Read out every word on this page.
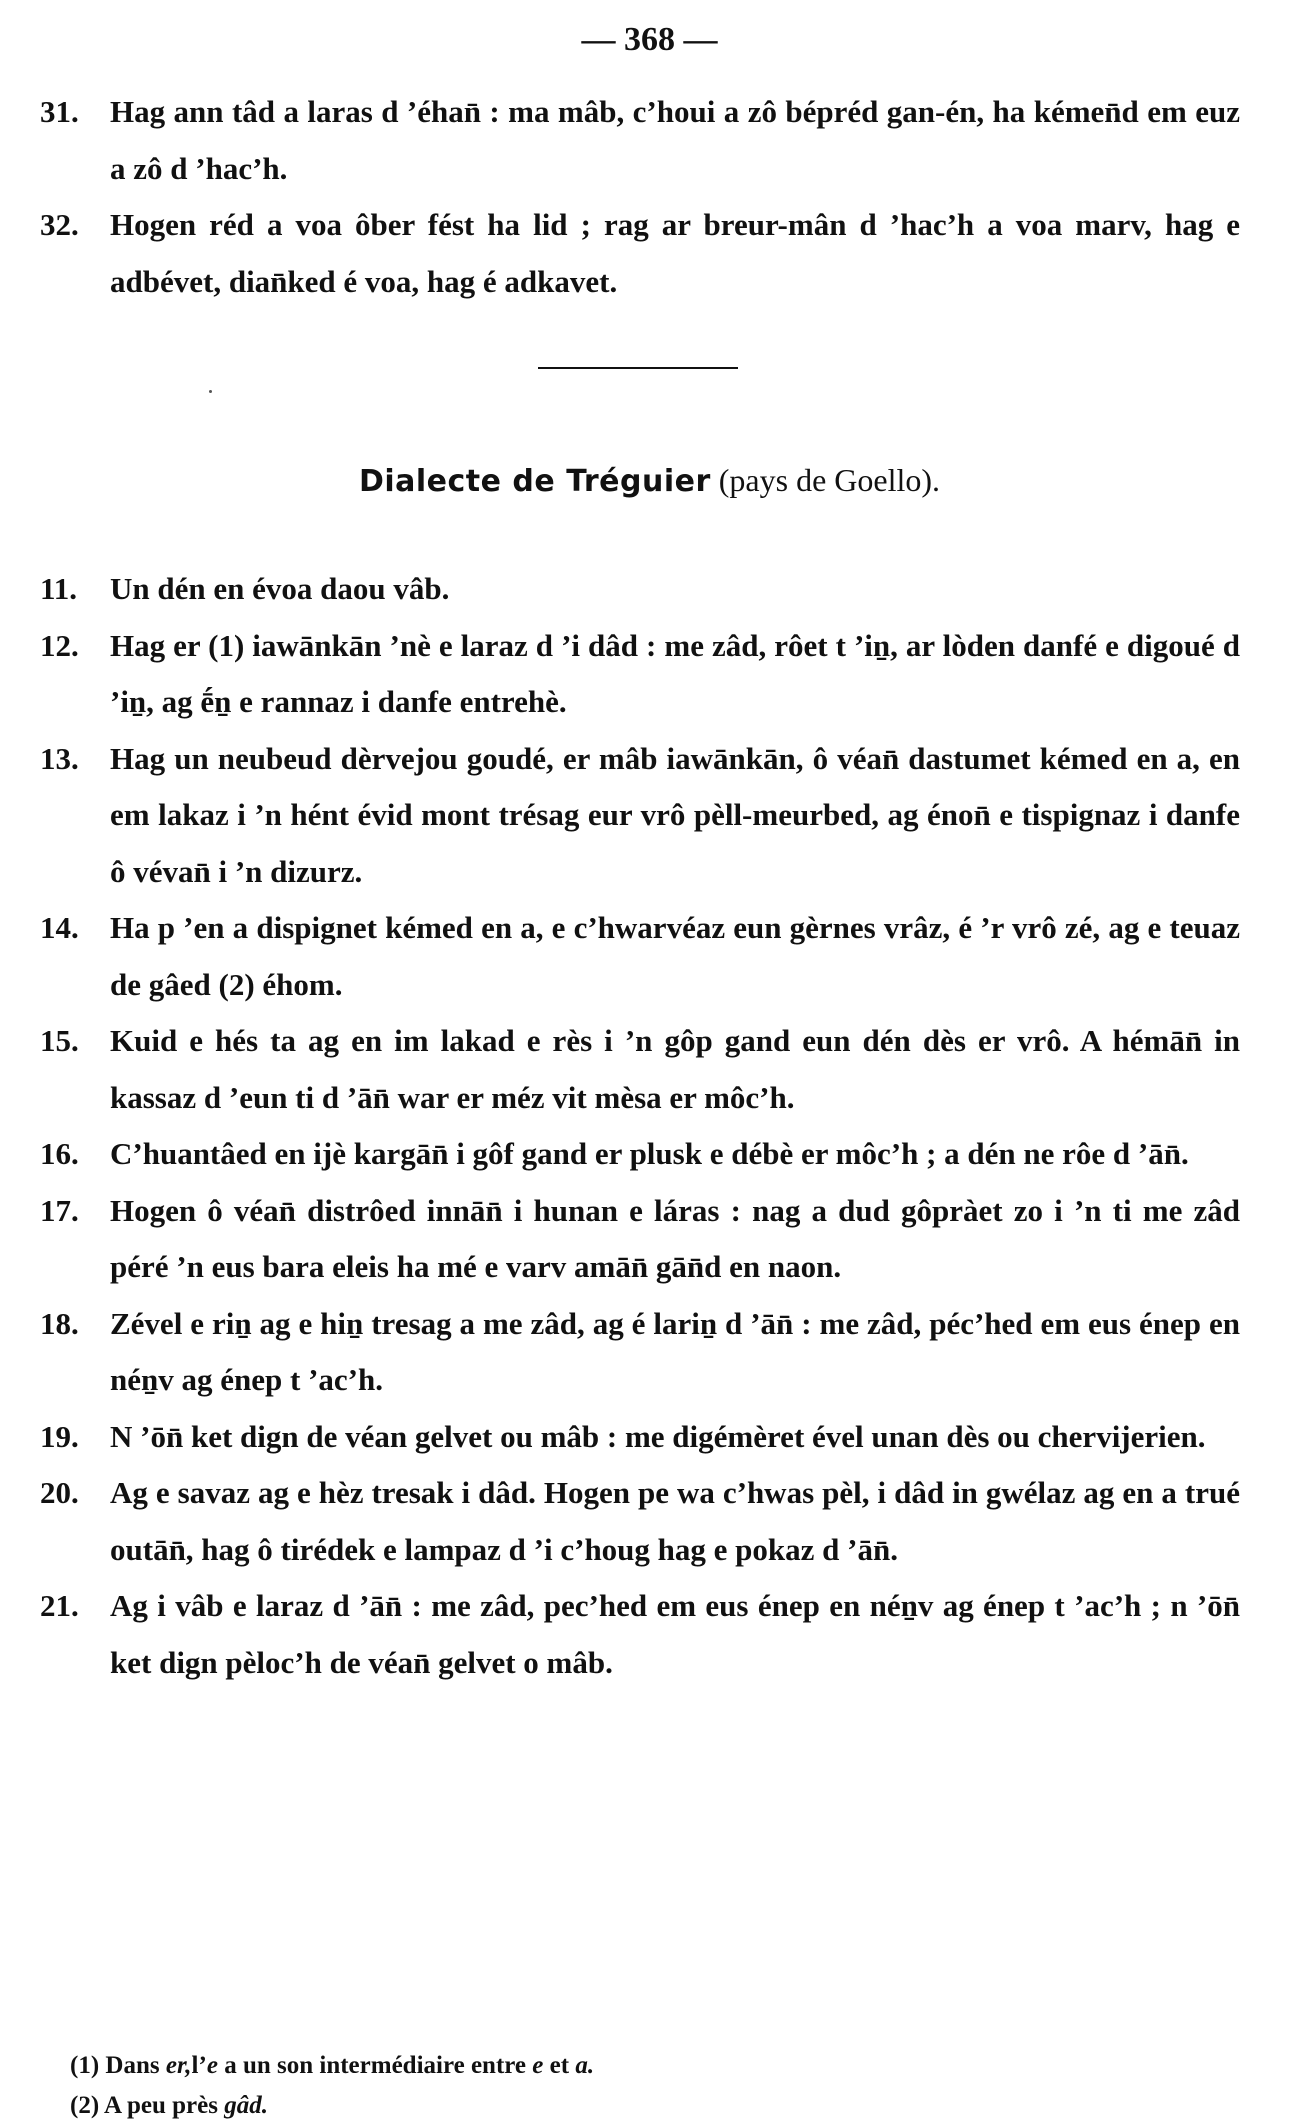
— 368 —
31. Hag ann tâd a laras d ’éhan̄ : ma mâb, c’houi a zô bépréd gan-én, ha kémen̄d em euz a zô d ’hac’h.
32. Hogen réd a voa ôber fést ha lid ; rag ar breur-mân d ’hac’h a voa marv, hag e adbévet, dian̄ked é voa, hag é adkavet.
Dialecte de Tréguier (pays de Goello).
11. Un dén en évoa daou vâb.
12. Hag er (1) iawānkān ’nè e laraz d ’i dâd : me zâd, rôet t ’iṉ, ar lòden danfé e digoué d ’iṉ, ag ḗṉ e rannaz i danfe entrehè.
13. Hag un neubeud dèrvejou goudé, er mâb iawānkān, ô véan̄ dastumet kémed en a, en em lakaz i ’n hént évid mont trésag eur vrô pèll-meurbed, ag énon̄ e tispignaz i danfe ô vévan̄ i ’n dizurz.
14. Ha p ’en a dispignet kémed en a, e c’hwarvéaz eun gèrnes vrâz, é ’r vrô zé, ag e teuaz de gâed (2) éhom.
15. Kuid e hés ta ag en im lakad e rès i ’n gôp gand eun dén dès er vrô. A hémān̄ in kassaz d ’eun ti d ’ān̄ war er méz vit mèsa er môc’h.
16. C’huantâed en ijè kargān̄ i gôf gand er plusk e débè er môc’h ; a dén ne rôe d ’ān̄.
17. Hogen ô véan̄ distrôed innān̄ i hunan e láras : nag a dud gôpràet zo i ’n ti me zâd péré ’n eus bara eleis ha mé e varv amān̄ gān̄d en naon.
18. Zével e riṉ ag e hiṉ tresag a me zâd, ag é lariṉ d ’ān̄ : me zâd, péc’hed em eus énep en néṉv ag énep t ’ac’h.
19. N ’ōn̄ ket dign de véan gelvet ou mâb : me digémèret ével unan dès ou chervijerien.
20. Ag e savaz ag e hèz tresak i dâd. Hogen pe wa c’hwas pèl, i dâd in gwélaz ag en a trué outān̄, hag ô tirédek e lampaz d ’i c’houg hag e pokaz d ’ān̄.
21. Ag i vâb e laraz d ’ān̄ : me zâd, pec’hed em eus énep en néṉv ag énep t ’ac’h ; n ’ōn̄ ket dign pèloc’h de véan̄ gelvet o mâb.
(1) Dans er,l’e a un son intermédiaire entre e et a.
(2) A peu près gâd.
